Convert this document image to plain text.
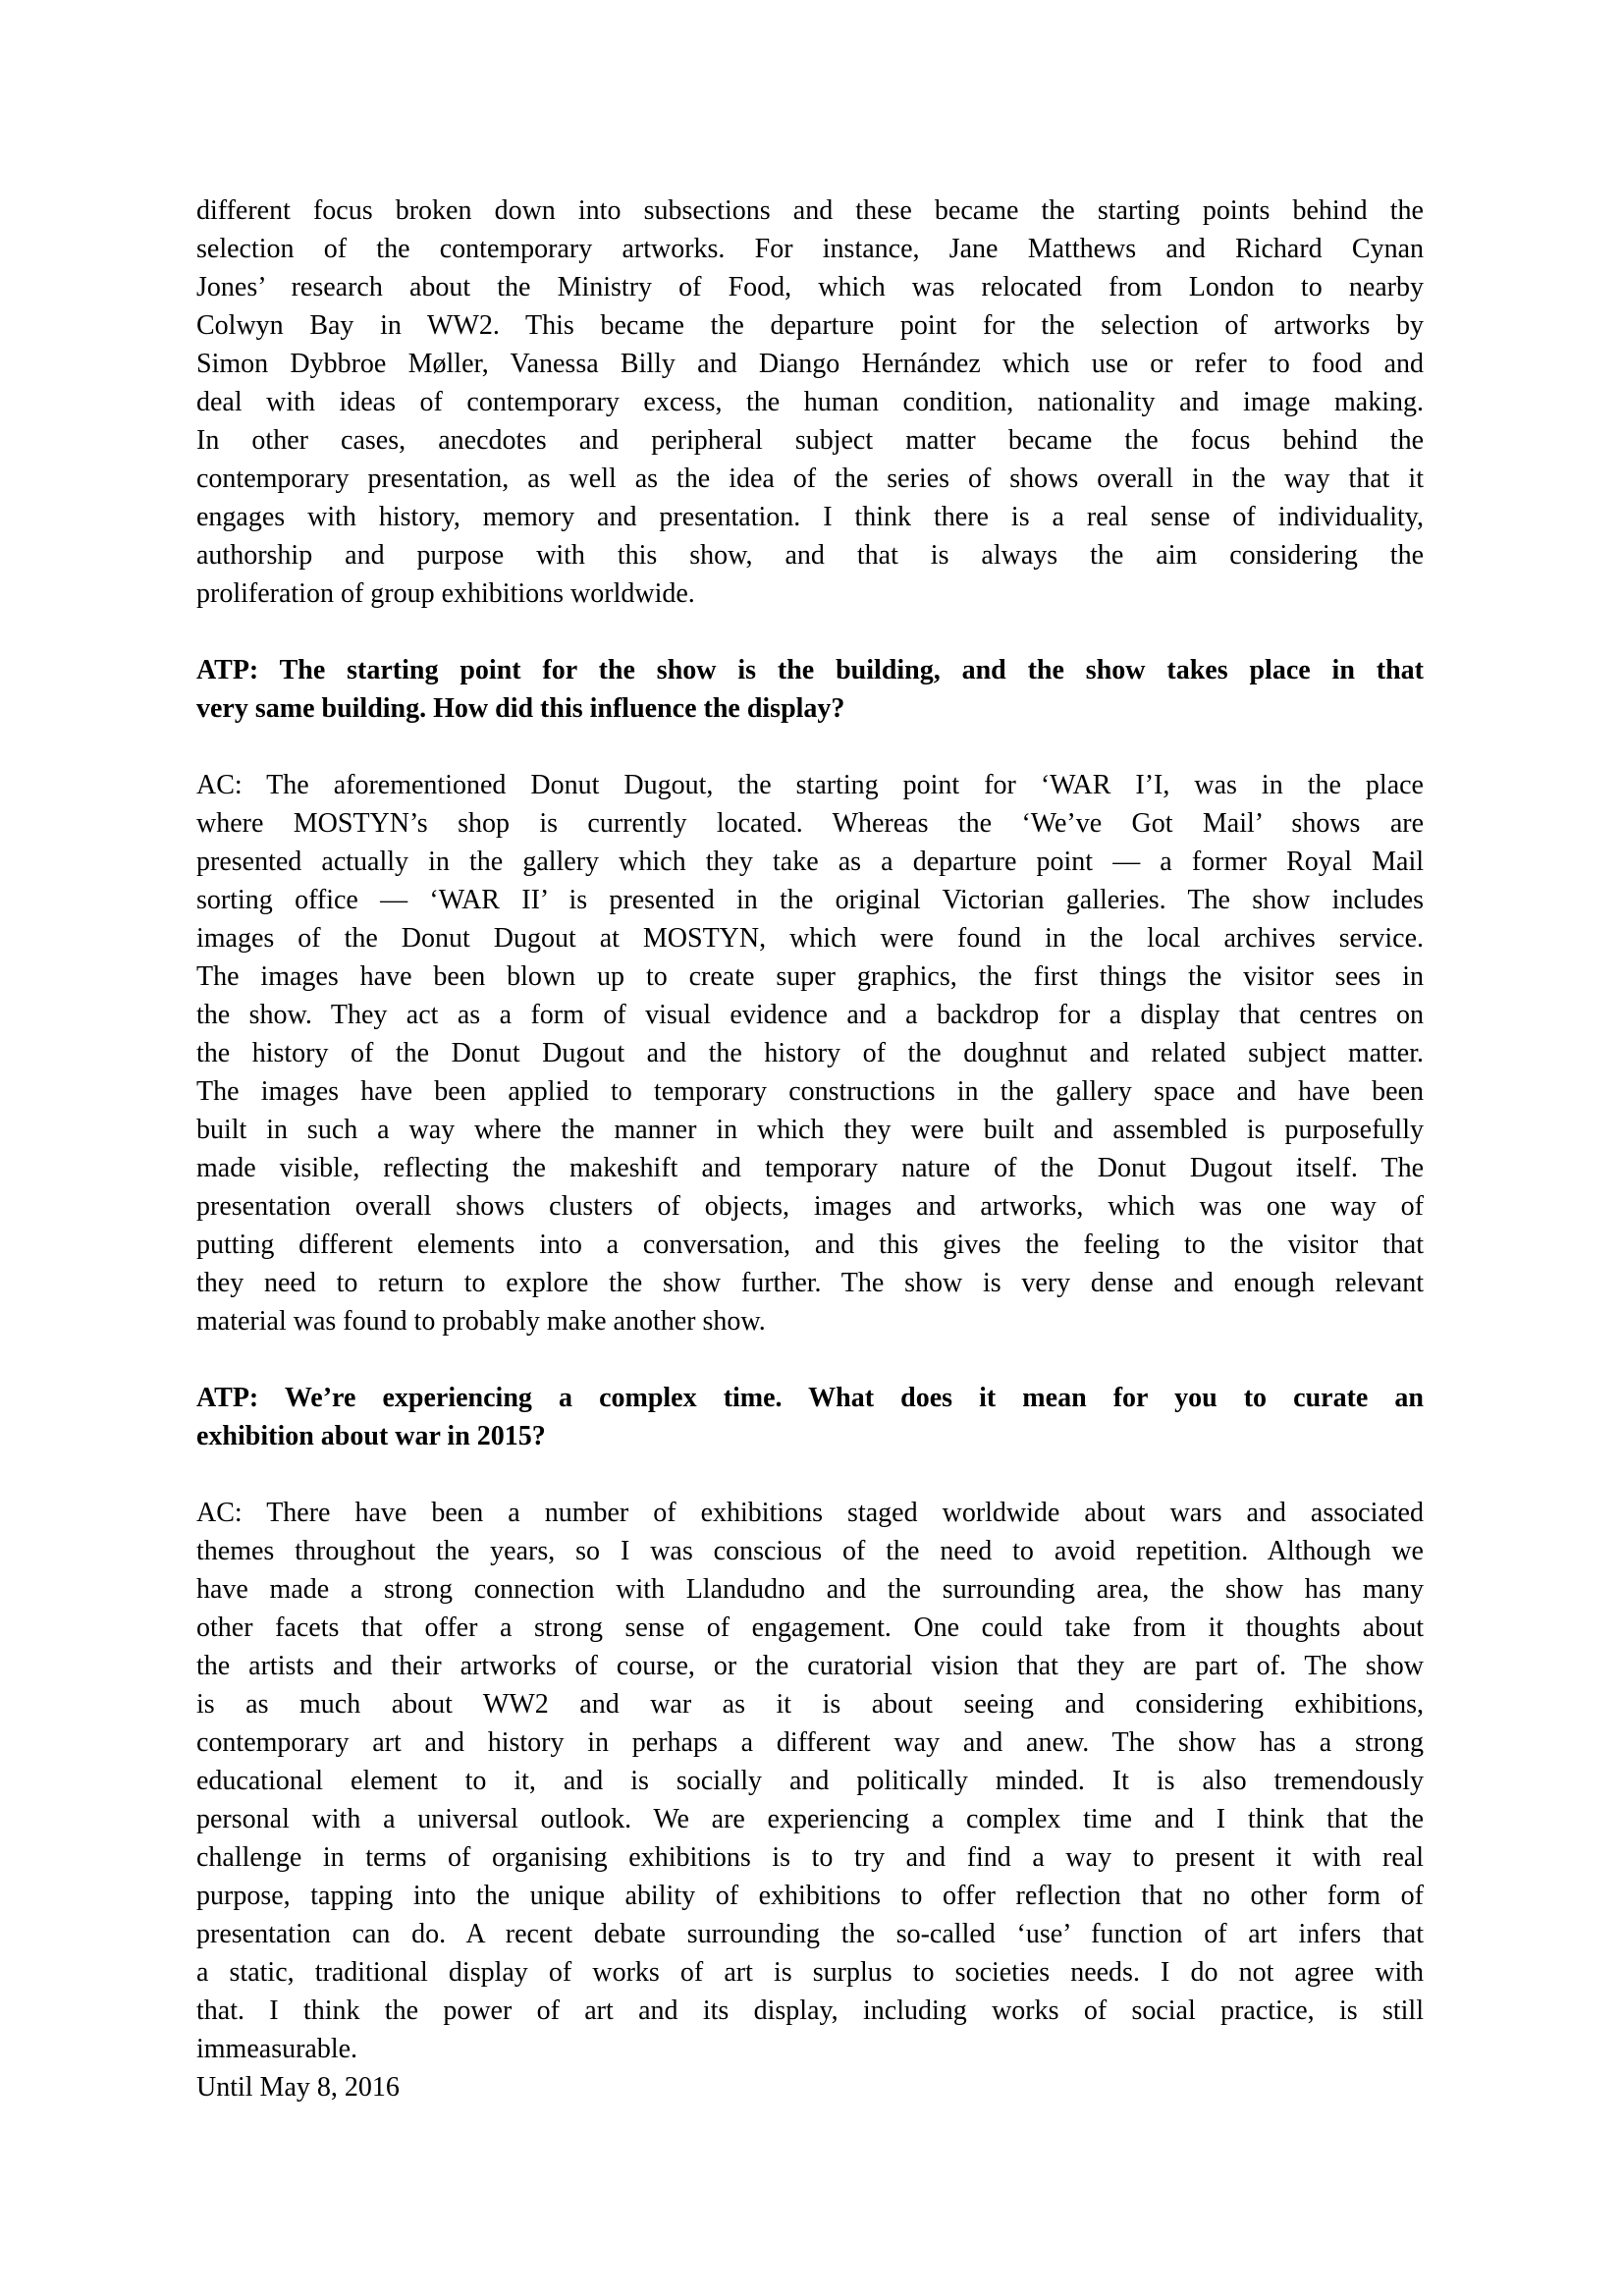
different focus broken down into subsections and these became the starting points behind the
selection of the contemporary artworks. For instance, Jane Matthews and Richard Cynan
Jones’ research about the Ministry of Food, which was relocated from London to nearby
Colwyn Bay in WW2. This became the departure point for the selection of artworks by
Simon Dybbroe Møller, Vanessa Billy and Diango Hernández which use or refer to food and
deal with ideas of contemporary excess, the human condition, nationality and image making.
In other cases, anecdotes and peripheral subject matter became the focus behind the
contemporary presentation, as well as the idea of the series of shows overall in the way that it
engages with history, memory and presentation. I think there is a real sense of individuality,
authorship and purpose with this show, and that is always the aim considering the
proliferation of group exhibitions worldwide.
ATP: The starting point for the show is the building, and the show takes place in that
very same building. How did this influence the display?
AC: The aforementioned Donut Dugout, the starting point for ‘WAR I’I, was in the place
where MOSTYN’s shop is currently located. Whereas the ‘We’ve Got Mail’ shows are
presented actually in the gallery which they take as a departure point — a former Royal Mail
sorting office — ‘WAR II’ is presented in the original Victorian galleries. The show includes
images of the Donut Dugout at MOSTYN, which were found in the local archives service.
The images have been blown up to create super graphics, the first things the visitor sees in
the show. They act as a form of visual evidence and a backdrop for a display that centres on
the history of the Donut Dugout and the history of the doughnut and related subject matter.
The images have been applied to temporary constructions in the gallery space and have been
built in such a way where the manner in which they were built and assembled is purposefully
made visible, reflecting the makeshift and temporary nature of the Donut Dugout itself. The
presentation overall shows clusters of objects, images and artworks, which was one way of
putting different elements into a conversation, and this gives the feeling to the visitor that
they need to return to explore the show further. The show is very dense and enough relevant
material was found to probably make another show.
ATP: We’re experiencing a complex time. What does it mean for you to curate an
exhibition about war in 2015?
AC: There have been a number of exhibitions staged worldwide about wars and associated
themes throughout the years, so I was conscious of the need to avoid repetition. Although we
have made a strong connection with Llandudno and the surrounding area, the show has many
other facets that offer a strong sense of engagement. One could take from it thoughts about
the artists and their artworks of course, or the curatorial vision that they are part of. The show
is as much about WW2 and war as it is about seeing and considering exhibitions,
contemporary art and history in perhaps a different way and anew. The show has a strong
educational element to it, and is socially and politically minded. It is also tremendously
personal with a universal outlook. We are experiencing a complex time and I think that the
challenge in terms of organising exhibitions is to try and find a way to present it with real
purpose, tapping into the unique ability of exhibitions to offer reflection that no other form of
presentation can do. A recent debate surrounding the so-called ‘use’ function of art infers that
a static, traditional display of works of art is surplus to societies needs. I do not agree with
that. I think the power of art and its display, including works of social practice, is still
immeasurable.
Until May 8, 2016
